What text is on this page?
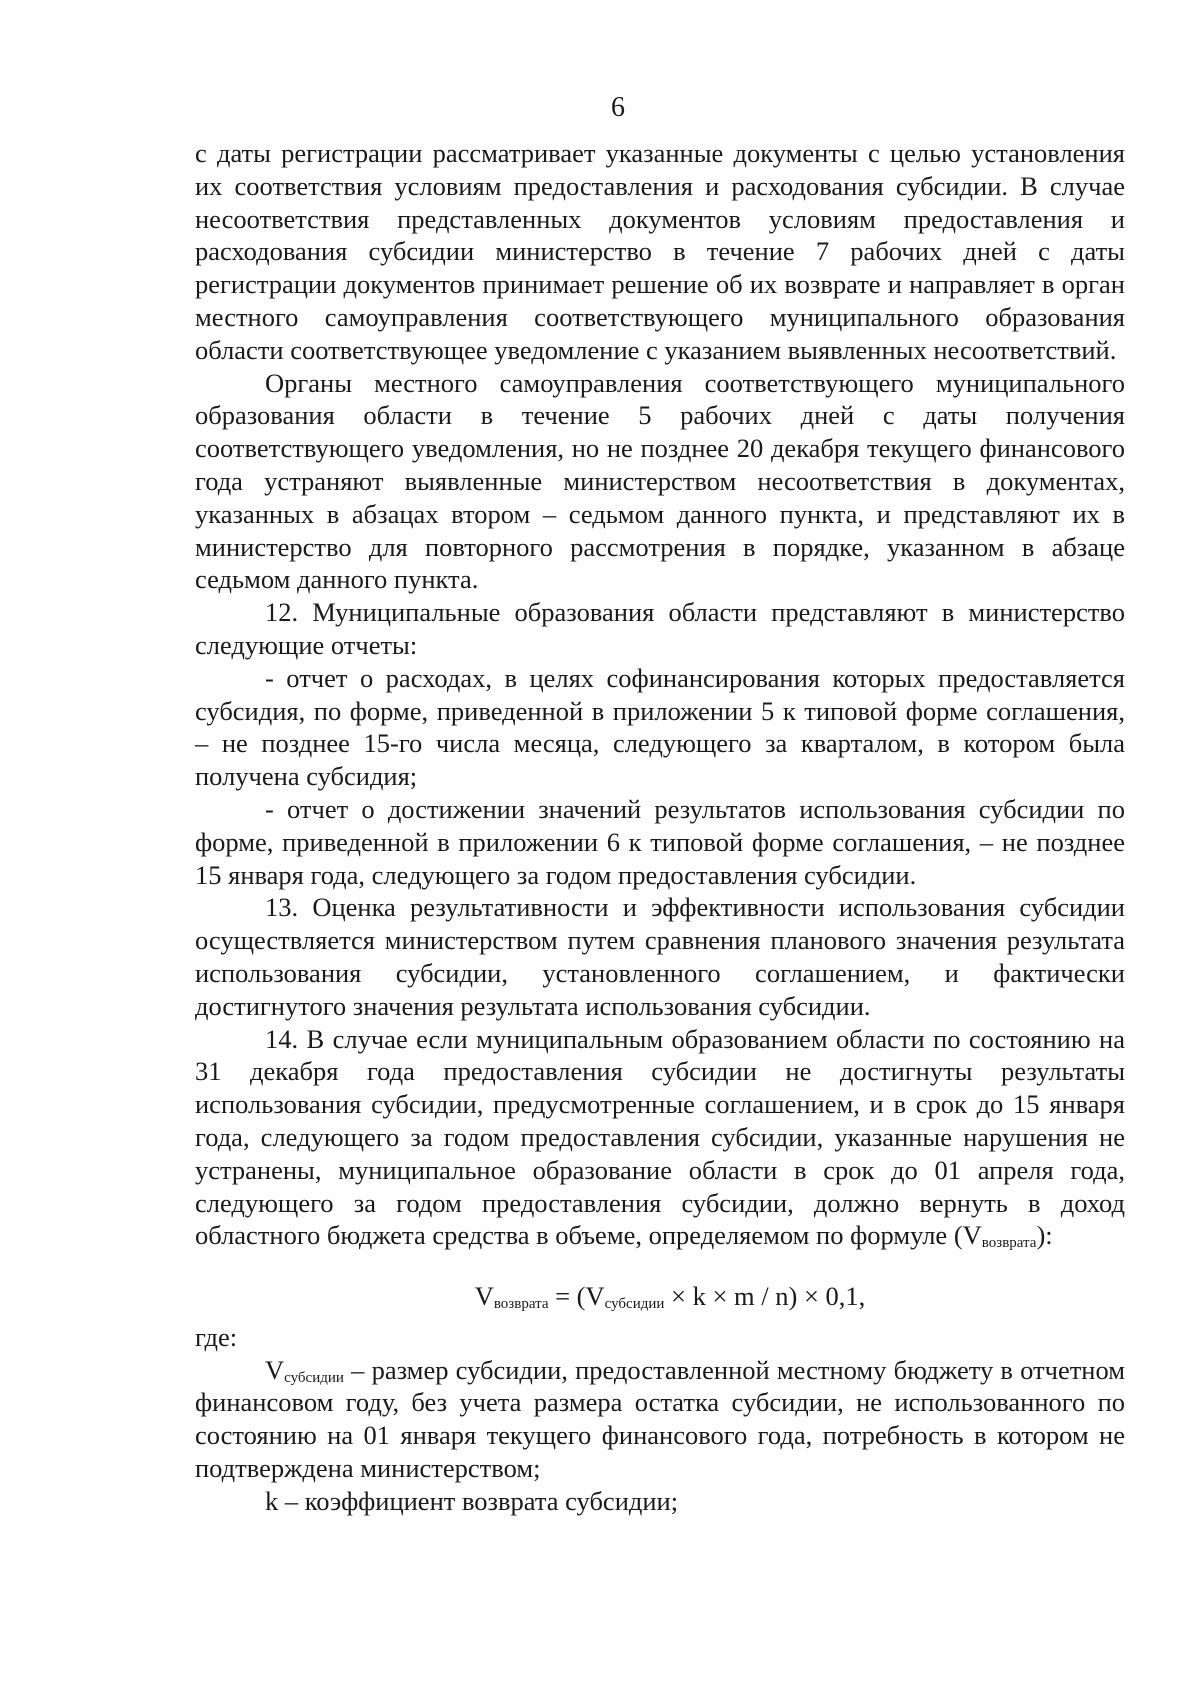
6

с даты регистрации рассматривает указанные документы с целью установления их соответствия условиям предоставления и расходования субсидии. В случае несоответствия представленных документов условиям предоставления и расходования субсидии министерство в течение 7 рабочих дней с даты регистрации документов принимает решение об их возврате и направляет в орган местного самоуправления соответствующего муниципального образования области соответствующее уведомление с указанием выявленных несоответствий.

Органы местного самоуправления соответствующего муниципального образования области в течение 5 рабочих дней с даты получения соответствующего уведомления, но не позднее 20 декабря текущего финансового года устраняют выявленные министерством несоответствия в документах, указанных в абзацах втором – седьмом данного пункта, и представляют их в министерство для повторного рассмотрения в порядке, указанном в абзаце седьмом данного пункта.

12. Муниципальные образования области представляют в министерство следующие отчеты:

- отчет о расходах, в целях софинансирования которых предоставляется субсидия, по форме, приведенной в приложении 5 к типовой форме соглашения, – не позднее 15-го числа месяца, следующего за кварталом, в котором была получена субсидия;

- отчет о достижении значений результатов использования субсидии по форме, приведенной в приложении 6 к типовой форме соглашения, – не позднее 15 января года, следующего за годом предоставления субсидии.

13. Оценка результативности и эффективности использования субсидии осуществляется министерством путем сравнения планового значения результата использования субсидии, установленного соглашением, и фактически достигнутого значения результата использования субсидии.

14. В случае если муниципальным образованием области по состоянию на 31 декабря года предоставления субсидии не достигнуты результаты использования субсидии, предусмотренные соглашением, и в срок до 15 января года, следующего за годом предоставления субсидии, указанные нарушения не устранены, муниципальное образование области в срок до 01 апреля года, следующего за годом предоставления субсидии, должно вернуть в доход областного бюджета средства в объеме, определяемом по формуле $(V_{возврата})$:

$V_{возврата} = (V_{субсидии} \times k \times m / n) \times 0,1$,

где:

$V_{субсидии}$ – размер субсидии, предоставленной местному бюджету в отчетном финансовом году, без учета размера остатка субсидии, не использованного по состоянию на 01 января текущего финансового года, потребность в котором не подтверждена министерством;

k – коэффициент возврата субсидии;
